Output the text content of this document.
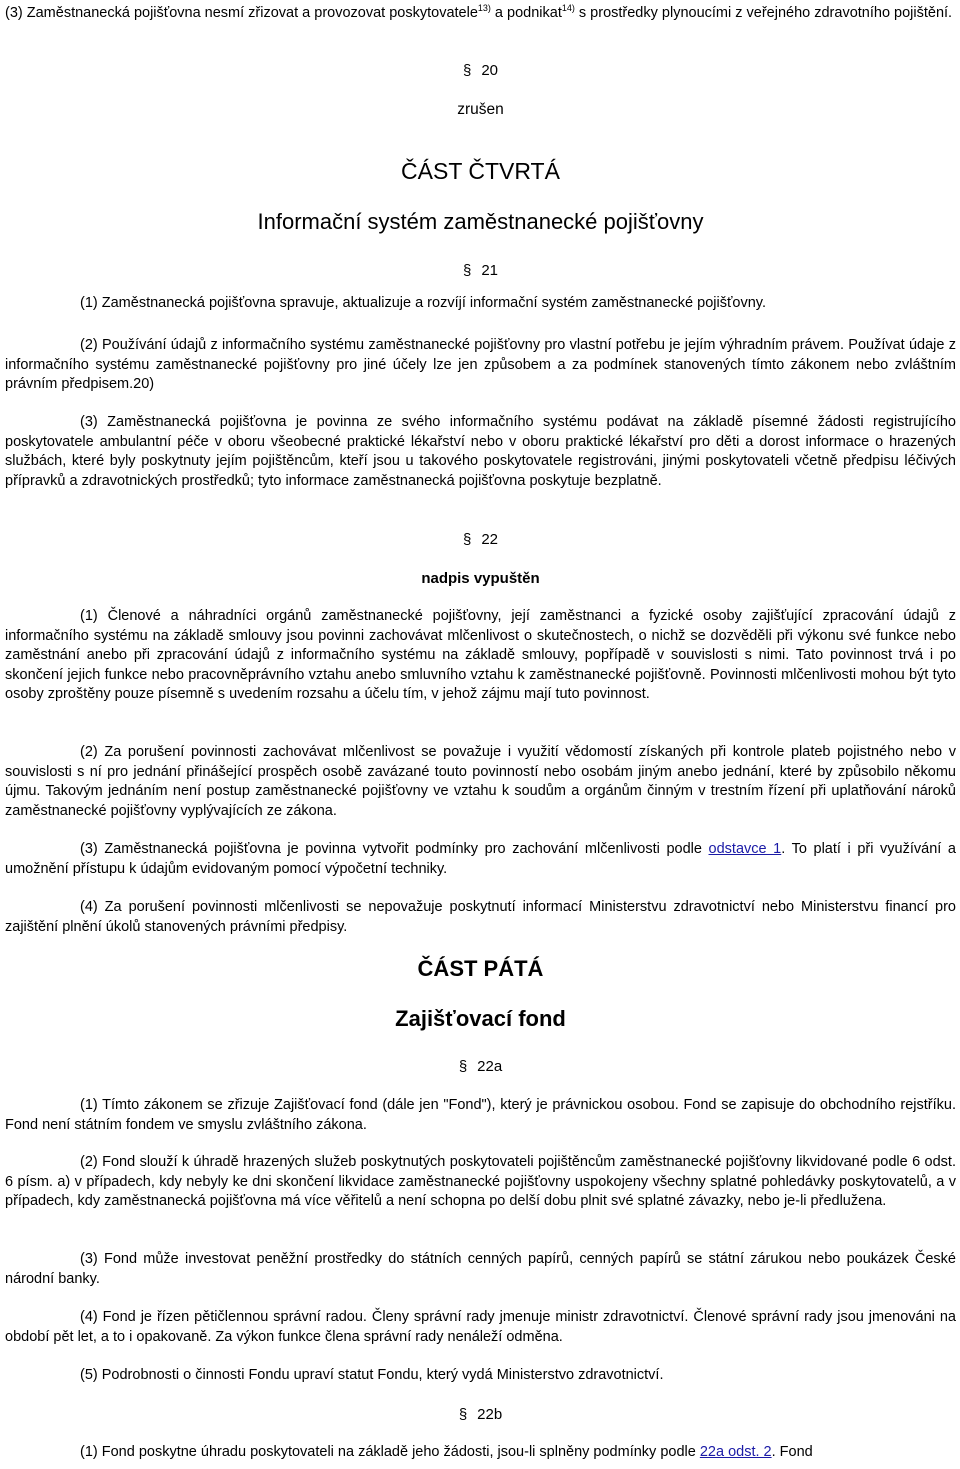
(3) Zaměstnanecká pojišťovna nesmí zřizovat a provozovat poskytovatele$^{13)}$ a podnikat$^{14)}$ s prostředky plynoucími z veřejného zdravotního pojištění.

§ 20
zrušen
ČÁST ČTVRTÁ
Informační systém zaměstnanecké pojišťovny
§ 21

(1) Zaměstnanecká pojišťovna spravuje, aktualizuje a rozvíjí informační systém zaměstnanecké pojišťovny.

(2) Používání údajů z informačního systému zaměstnanecké pojišťovny pro vlastní potřebu je jejím výhradním právem. Používat údaje z informačního systému zaměstnanecké pojišťovny pro jiné účely lze jen způsobem a za podmínek stanovených tímto zákonem nebo zvláštním právním předpisem.20)

(3) Zaměstnanecká pojišťovna je povinna ze svého informačního systému podávat na základě písemné žádosti registrujícího poskytovatele ambulantní péče v oboru všeobecné praktické lékařství nebo v oboru praktické lékařství pro děti a dorost informace o hrazených službách, které byly poskytnuty jejím pojištěncům, kteří jsou u takového poskytovatele registrováni, jinými poskytovateli včetně předpisu léčivých přípravků a zdravotnických prostředků; tyto informace zaměstnanecká pojišťovna poskytuje bezplatně.

§ 22
nadpis vypuštěn

(1) Členové a náhradníci orgánů zaměstnanecké pojišťovny, její zaměstnanci a fyzické osoby zajišťující zpracování údajů z informačního systému na základě smlouvy jsou povinni zachovávat mlčenlivost o skutečnostech, o nichž se dozvěděli při výkonu své funkce nebo zaměstnání anebo při zpracování údajů z informačního systému na základě smlouvy, popřípadě v souvislosti s nimi. Tato povinnost trvá i po skončení jejich funkce nebo pracovněprávního vztahu anebo smluvního vztahu k zaměstnanecké pojišťovně. Povinnosti mlčenlivosti mohou být tyto osoby zproštěny pouze písemně s uvedením rozsahu a účelu tím, v jehož zájmu mají tuto povinnost.

(2) Za porušení povinnosti zachovávat mlčenlivost se považuje i využití vědomostí získaných při kontrole plateb pojistného nebo v souvislosti s ní pro jednání přinášející prospěch osobě zavázané touto povinností nebo osobám jiným anebo jednání, které by způsobilo někomu újmu. Takovým jednáním není postup zaměstnanecké pojišťovny ve vztahu k soudům a orgánům činným v trestním řízení při uplatňování nároků zaměstnanecké pojišťovny vyplývajících ze zákona.

(3) Zaměstnanecká pojišťovna je povinna vytvořit podmínky pro zachování mlčenlivosti podle odstavce 1. To platí i při využívání a umožnění přístupu k údajům evidovaným pomocí výpočetní techniky.

(4) Za porušení povinnosti mlčenlivosti se nepovažuje poskytnutí informací Ministerstvu zdravotnictví nebo Ministerstvu financí pro zajištění plnění úkolů stanovených právními předpisy.

ČÁST PÁTÁ
Zajišťovací fond
§ 22a

(1) Tímto zákonem se zřizuje Zajišťovací fond (dále jen "Fond"), který je právnickou osobou. Fond se zapisuje do obchodního rejstříku. Fond není státním fondem ve smyslu zvláštního zákona.

(2) Fond slouží k úhradě hrazených služeb poskytnutých poskytovateli pojištěncům zaměstnanecké pojišťovny likvidované podle 6 odst. 6 písm. a) v případech, kdy nebyly ke dni skončení likvidace zaměstnanecké pojišťovny uspokojeny všechny splatné pohledávky poskytovatelů, a v případech, kdy zaměstnanecká pojišťovna má více věřitelů a není schopna po delší dobu plnit své splatné závazky, nebo je-li předlužena.

(3) Fond může investovat peněžní prostředky do státních cenných papírů, cenných papírů se státní zárukou nebo poukázek České národní banky.

(4) Fond je řízen pětičlennou správní radou. Členy správní rady jmenuje ministr zdravotnictví. Členové správní rady jsou jmenováni na období pět let, a to i opakovaně. Za výkon funkce člena správní rady nenáleží odměna.

(5) Podrobnosti o činnosti Fondu upraví statut Fondu, který vydá Ministerstvo zdravotnictví.

§ 22b

(1) Fond poskytne úhradu poskytovateli na základě jeho žádosti, jsou-li splněny podmínky podle 22a odst. 2. Fond
